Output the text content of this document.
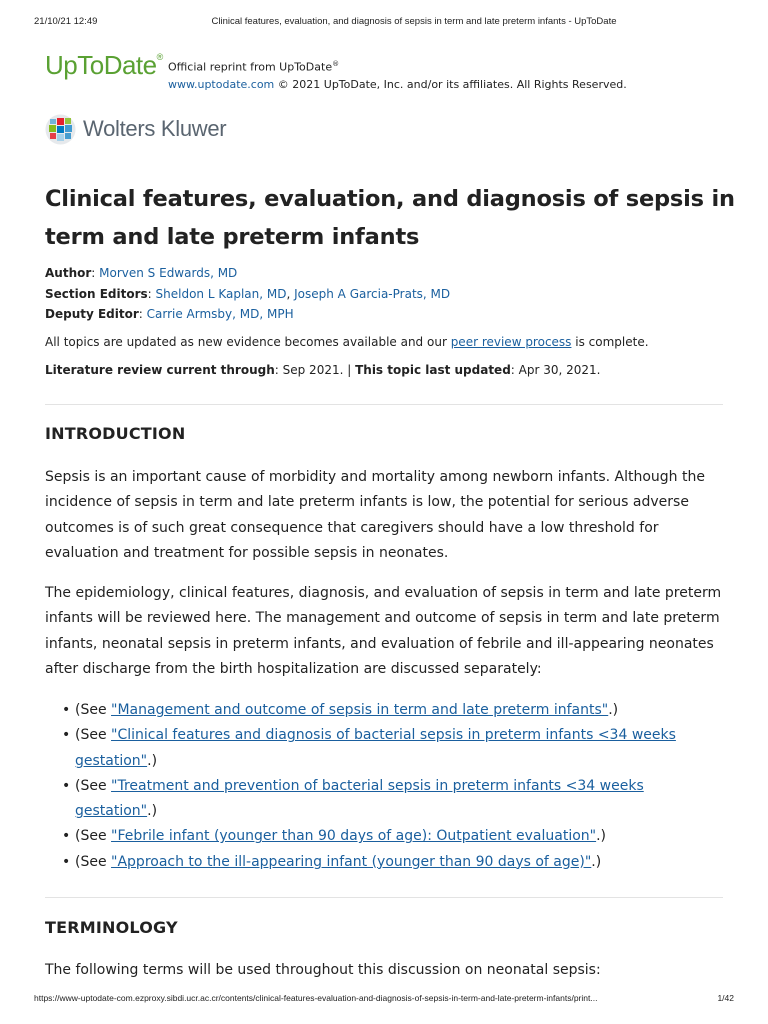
21/10/21 12:49	Clinical features, evaluation, and diagnosis of sepsis in term and late preterm infants - UpToDate
UpToDate®
Official reprint from UpToDate®
www.uptodate.com © 2021 UpToDate, Inc. and/or its affiliates. All Rights Reserved.
Wolters Kluwer
Clinical features, evaluation, and diagnosis of sepsis in
term and late preterm infants
Author: Morven S Edwards, MD
Section Editors: Sheldon L Kaplan, MD, Joseph A Garcia-Prats, MD
Deputy Editor: Carrie Armsby, MD, MPH
All topics are updated as new evidence becomes available and our peer review process is complete.
Literature review current through: Sep 2021. | This topic last updated: Apr 30, 2021.
INTRODUCTION

Sepsis is an important cause of morbidity and mortality among newborn infants. Although the
incidence of sepsis in term and late preterm infants is low, the potential for serious adverse
outcomes is of such great consequence that caregivers should have a low threshold for
evaluation and treatment for possible sepsis in neonates.

The epidemiology, clinical features, diagnosis, and evaluation of sepsis in term and late preterm
infants will be reviewed here. The management and outcome of sepsis in term and late preterm
infants, neonatal sepsis in preterm infants, and evaluation of febrile and ill-appearing neonates
after discharge from the birth hospitalization are discussed separately:

• (See "Management and outcome of sepsis in term and late preterm infants".)
• (See "Clinical features and diagnosis of bacterial sepsis in preterm infants <34 weeks
gestation".)
• (See "Treatment and prevention of bacterial sepsis in preterm infants <34 weeks
gestation".)
• (See "Febrile infant (younger than 90 days of age): Outpatient evaluation".)
• (See "Approach to the ill-appearing infant (younger than 90 days of age)".)
TERMINOLOGY

The following terms will be used throughout this discussion on neonatal sepsis:

https://www-uptodate-com.ezproxy.sibdi.ucr.ac.cr/contents/clinical-features-evaluation-and-diagnosis-of-sepsis-in-term-and-late-preterm-infants/print...	1/42
